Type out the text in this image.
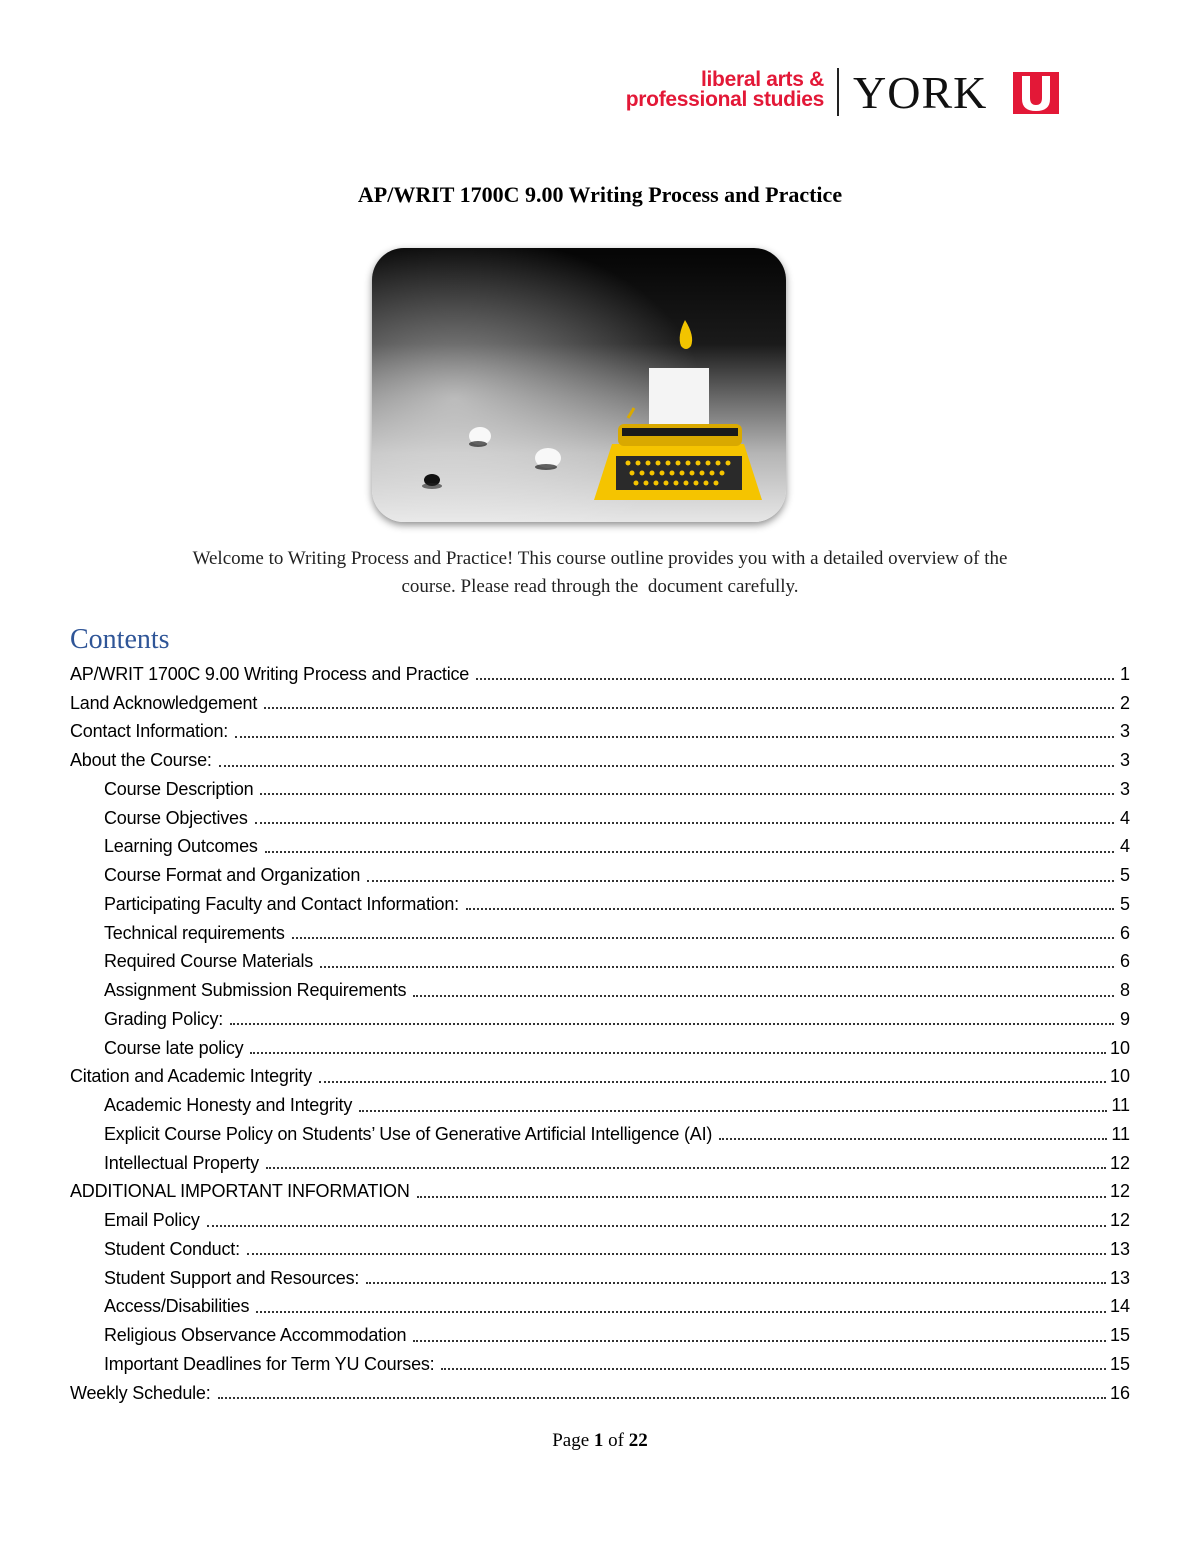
liberal arts &
professional studies YORK
AP/WRIT 1700C 9.00 Writing Process and Practice
Welcome to Writing Process and Practice! This course outline provides you with a detailed overview of the
course. Please read through the  document carefully.
Contents
AP/WRIT 1700C 9.00 Writing Process and Practice	1
Land Acknowledgement	2
Contact Information:	3
About the Course:	3
Course Description	3
Course Objectives	4
Learning Outcomes	4
Course Format and Organization	5
Participating Faculty and Contact Information:	5
Technical requirements	6
Required Course Materials	6
Assignment Submission Requirements	8
Grading Policy:	9
Course late policy	10
Citation and Academic Integrity	10
Academic Honesty and Integrity	11
Explicit Course Policy on Students’ Use of Generative Artificial Intelligence (AI)	11
Intellectual Property	12
ADDITIONAL IMPORTANT INFORMATION	12
Email Policy	12
Student Conduct:	13
Student Support and Resources:	13
Access/Disabilities	14
Religious Observance Accommodation	15
Important Deadlines for Term YU Courses:	15
Weekly Schedule:	16
Page 1 of 22
